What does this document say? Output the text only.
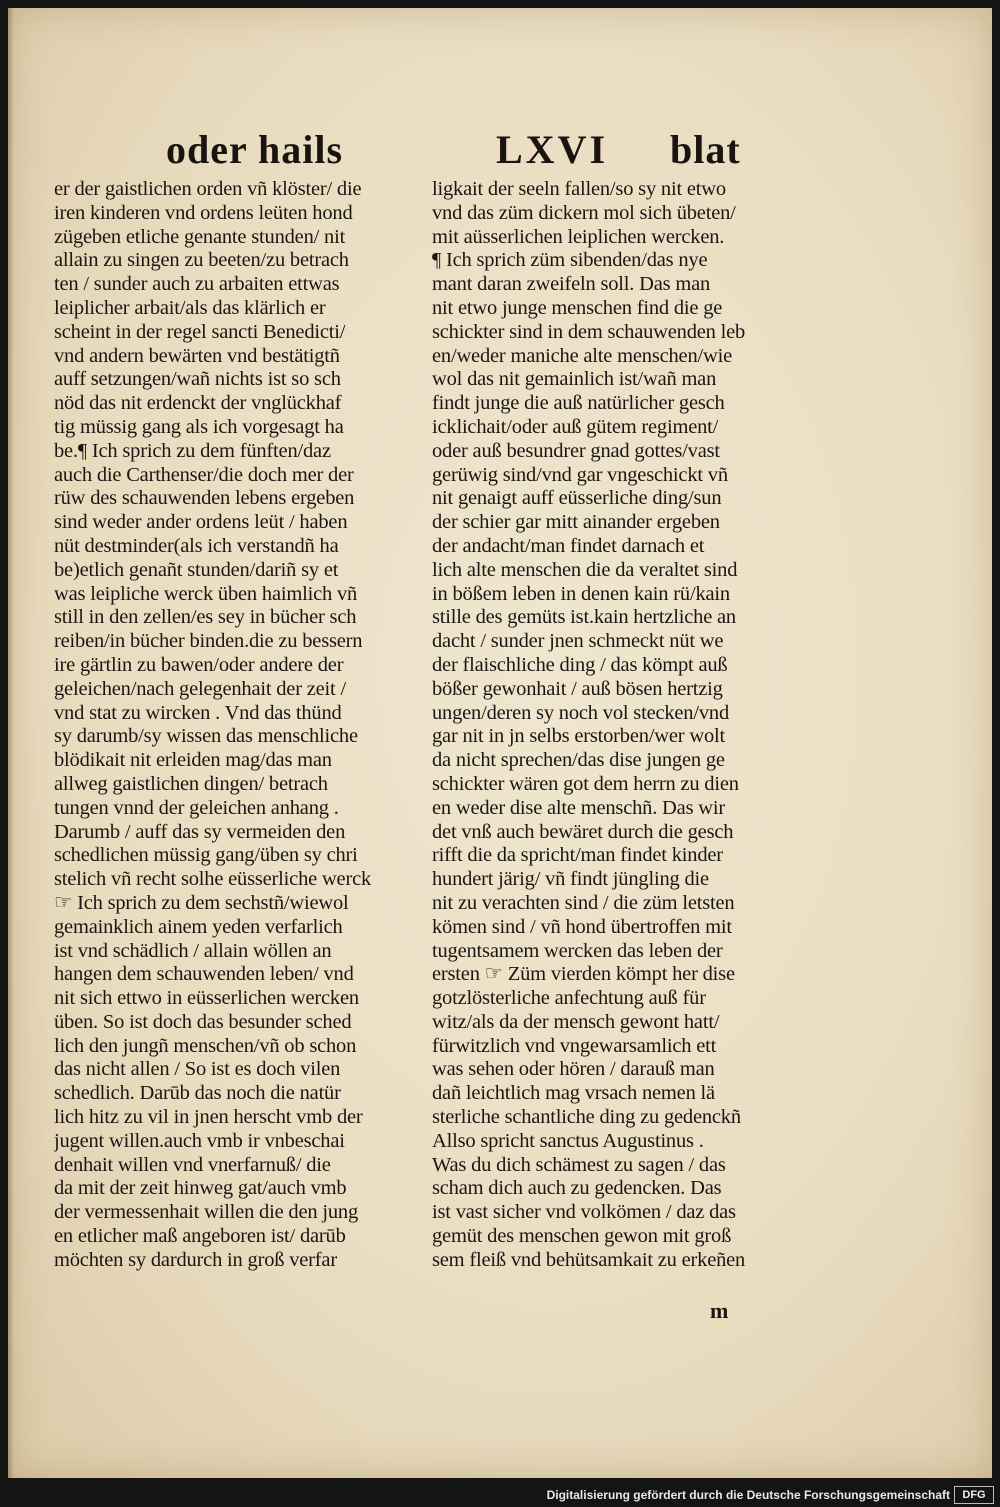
oder hails	LXVI blat
er der gaistlichen orden vñ klöster/ die
iren kinderen vnd ordens leüten hond
zügeben etliche genante stunden/ nit
allain zu singen zu beeten/zu betrach
ten / sunder auch zu arbaiten ettwas
leiplicher arbait/als das klärlich er
scheint in der regel sancti Benedicti/
vnd andern bewärten vnd bestätigtñ
auff setzungen/wañ nichts ist so sch
nöd das nit erdenckt der vnglückhaf
tig müssig gang als ich vorgesagt ha
be.¶ Ich sprich zu dem fünften/daz
auch die Carthenser/die doch mer der
rüw des schauwenden lebens ergeben
sind weder ander ordens leüt / haben
nüt destminder(als ich verstandñ ha
be)etlich genañt stunden/dariñ sy et
was leipliche werck üben haimlich vñ
still in den zellen/es sey in bücher sch
reiben/in bücher binden.die zu bessern
ire gärtlin zu bawen/oder andere der
geleichen/nach gelegenhait der zeit /
vnd stat zu wircken . Vnd das thünd
sy darumb/sy wissen das menschliche
blödikait nit erleiden mag/das man
allweg gaistlichen dingen/ betrach
tungen vnnd der geleichen anhang .
Darumb / auff das sy vermeiden den
schedlichen müssig gang/üben sy chri
stelich vñ recht solhe eüsserliche werck
☞ Ich sprich zu dem sechstñ/wiewol
gemainklich ainem yeden verfarlich
ist vnd schädlich / allain wöllen an
hangen dem schauwenden leben/ vnd
nit sich ettwo in eüsserlichen wercken
üben. So ist doch das besunder sched
lich den jungñ menschen/vñ ob schon
das nicht allen / So ist es doch vilen
schedlich. Darūb das noch die natür
lich hitz zu vil in jnen herscht vmb der
jugent willen.auch vmb ir vnbeschai
denhait willen vnd vnerfarnuß/ die
da mit der zeit hinweg gat/auch vmb
der vermessenhait willen die den jung
en etlicher maß angeboren ist/ darūb
möchten sy dardurch in groß verfar
ligkait der seeln fallen/so sy nit etwo
vnd das züm dickern mol sich übeten/
mit aüsserlichen leiplichen wercken.
¶ Ich sprich züm sibenden/das nye
mant daran zweifeln soll. Das man
nit etwo junge menschen find die ge
schickter sind in dem schauwenden leb
en/weder maniche alte menschen/wie
wol das nit gemainlich ist/wañ man
findt junge die auß natürlicher gesch
icklichait/oder auß gütem regiment/
oder auß besundrer gnad gottes/vast
gerüwig sind/vnd gar vngeschickt vñ
nit genaigt auff eüsserliche ding/sun
der schier gar mitt ainander ergeben
der andacht/man findet darnach et
lich alte menschen die da veraltet sind
in bößem leben in denen kain rü/kain
stille des gemüts ist.kain hertzliche an
dacht / sunder jnen schmeckt nüt we
der flaischliche ding / das kömpt auß
bößer gewonhait / auß bösen hertzig
ungen/deren sy noch vol stecken/vnd
gar nit in jn selbs erstorben/wer wolt
da nicht sprechen/das dise jungen ge
schickter wären got dem herrn zu dien
en weder dise alte menschñ. Das wir
det vnß auch bewäret durch die gesch
rifft die da spricht/man findet kinder
hundert järig/ vñ findt jüngling die
nit zu verachten sind / die züm letsten
kömen sind / vñ hond übertroffen mit
tugentsamem wercken das leben der
ersten ☞ Züm vierden kömpt her dise
gotzlösterliche anfechtung auß für
witz/als da der mensch gewont hatt/
fürwitzlich vnd vngewarsamlich ett
was sehen oder hören / darauß man
dañ leichtlich mag vrsach nemen lä
sterliche schantliche ding zu gedenckñ
Allso spricht sanctus Augustinus .
Was du dich schämest zu sagen / das
scham dich auch zu gedencken. Das
ist vast sicher vnd volkömen / daz das
gemüt des menschen gewon mit groß
sem fleiß vnd behütsamkait zu erkeñen
m
Digitalisierung gefördert durch die Deutsche Forschungsgemeinschaft	DFG
